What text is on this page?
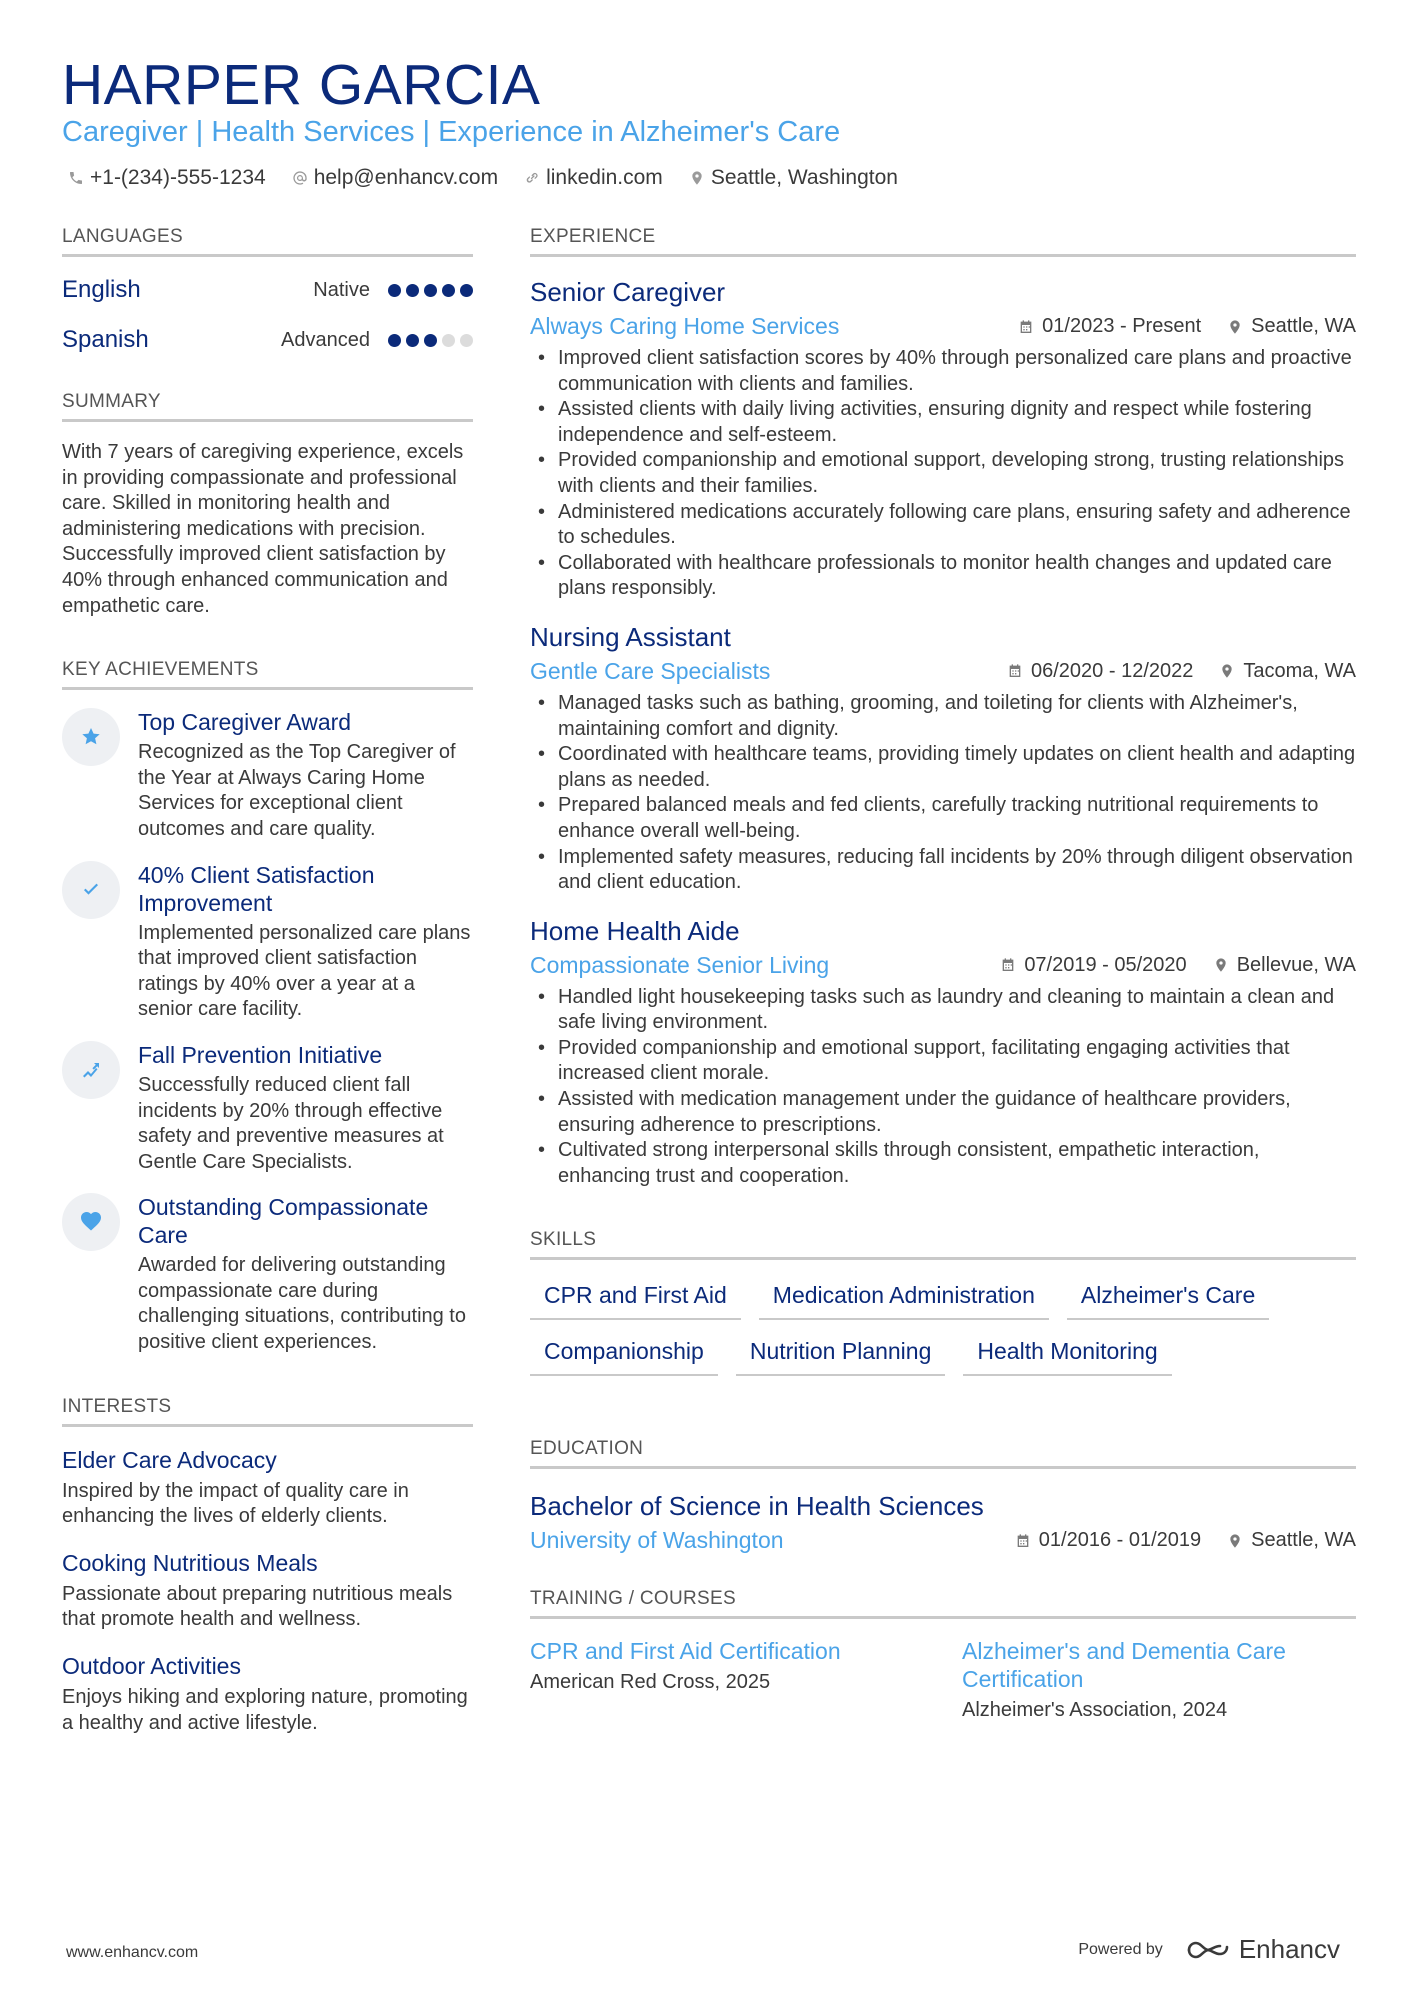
HARPER GARCIA
Caregiver | Health Services | Experience in Alzheimer's Care
+1-(234)-555-1234 help@enhancv.com linkedin.com Seattle, Washington
LANGUAGES
English	Native
Spanish	Advanced
SUMMARY
With 7 years of caregiving experience, excels in providing compassionate and professional care. Skilled in monitoring health and administering medications with precision. Successfully improved client satisfaction by 40% through enhanced communication and empathetic care.
KEY ACHIEVEMENTS
Top Caregiver Award
Recognized as the Top Caregiver of the Year at Always Caring Home Services for exceptional client outcomes and care quality.
40% Client Satisfaction Improvement
Implemented personalized care plans that improved client satisfaction ratings by 40% over a year at a senior care facility.
Fall Prevention Initiative
Successfully reduced client fall incidents by 20% through effective safety and preventive measures at Gentle Care Specialists.
Outstanding Compassionate Care
Awarded for delivering outstanding compassionate care during challenging situations, contributing to positive client experiences.
INTERESTS
Elder Care Advocacy
Inspired by the impact of quality care in enhancing the lives of elderly clients.
Cooking Nutritious Meals
Passionate about preparing nutritious meals that promote health and wellness.
Outdoor Activities
Enjoys hiking and exploring nature, promoting a healthy and active lifestyle.
EXPERIENCE
Senior Caregiver
Always Caring Home Services	01/2023 - Present	Seattle, WA
• Improved client satisfaction scores by 40% through personalized care plans and proactive communication with clients and families.
• Assisted clients with daily living activities, ensuring dignity and respect while fostering independence and self-esteem.
• Provided companionship and emotional support, developing strong, trusting relationships with clients and their families.
• Administered medications accurately following care plans, ensuring safety and adherence to schedules.
• Collaborated with healthcare professionals to monitor health changes and updated care plans responsibly.
Nursing Assistant
Gentle Care Specialists	06/2020 - 12/2022	Tacoma, WA
• Managed tasks such as bathing, grooming, and toileting for clients with Alzheimer's, maintaining comfort and dignity.
• Coordinated with healthcare teams, providing timely updates on client health and adapting plans as needed.
• Prepared balanced meals and fed clients, carefully tracking nutritional requirements to enhance overall well-being.
• Implemented safety measures, reducing fall incidents by 20% through diligent observation and client education.
Home Health Aide
Compassionate Senior Living	07/2019 - 05/2020	Bellevue, WA
• Handled light housekeeping tasks such as laundry and cleaning to maintain a clean and safe living environment.
• Provided companionship and emotional support, facilitating engaging activities that increased client morale.
• Assisted with medication management under the guidance of healthcare providers, ensuring adherence to prescriptions.
• Cultivated strong interpersonal skills through consistent, empathetic interaction, enhancing trust and cooperation.
SKILLS
CPR and First Aid	Medication Administration	Alzheimer's Care
Companionship	Nutrition Planning	Health Monitoring
EDUCATION
Bachelor of Science in Health Sciences
University of Washington	01/2016 - 01/2019	Seattle, WA
TRAINING / COURSES
CPR and First Aid Certification
American Red Cross, 2025
Alzheimer's and Dementia Care Certification
Alzheimer's Association, 2024
www.enhancv.com	Powered by	Enhancv
